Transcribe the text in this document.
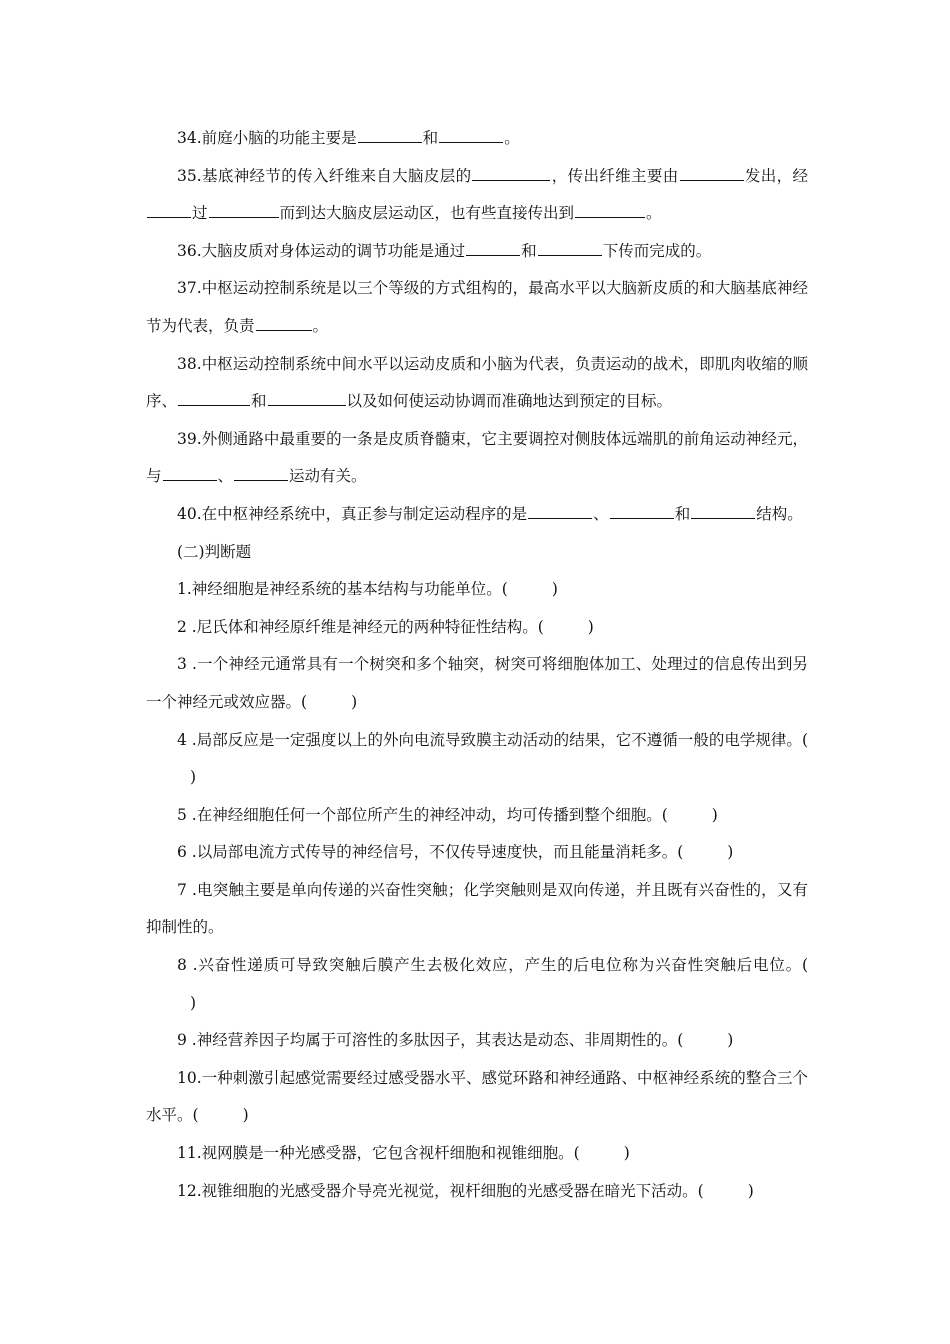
34.前庭小脑的功能主要是	和	。

35.基底神经节的传入纤维来自大脑皮层的	，传出纤维主要由	发出，经过	而到达大脑皮层运动区，也有些直接传出到	。

36.大脑皮质对身体运动的调节功能是通过	和	下传而完成的。

37.中枢运动控制系统是以三个等级的方式组构的，最高水平以大脑新皮质的和大脑基底神经节为代表，负责	。

38.中枢运动控制系统中间水平以运动皮质和小脑为代表，负责运动的战术，即肌肉收缩的顺序、	和	以及如何使运动协调而准确地达到预定的目标。

39.外侧通路中最重要的一条是皮质脊髓束，它主要调控对侧肢体远端肌的前角运动神经元，与	、	运动有关。

40.在中枢神经系统中，真正参与制定运动程序的是	、	和	结构。

(二)判断题

1.神经细胞是神经系统的基本结构与功能单位。(	)

2 .尼氏体和神经原纤维是神经元的两种特征性结构。(	)

3 .一个神经元通常具有一个树突和多个轴突，树突可将细胞体加工、处理过的信息传出到另一个神经元或效应器。(	)

4 .局部反应是一定强度以上的外向电流导致膜主动活动的结果，它不遵循一般的电学规律。()

5 .在神经细胞任何一个部位所产生的神经冲动，均可传播到整个细胞。(	)

6 .以局部电流方式传导的神经信号，不仅传导速度快，而且能量消耗多。(	)

7 .电突触主要是单向传递的兴奋性突触；化学突触则是双向传递，并且既有兴奋性的，又有抑制性的。

8 .兴奋性递质可导致突触后膜产生去极化效应，产生的后电位称为兴奋性突触后电位。()

9 .神经营养因子均属于可溶性的多肽因子，其表达是动态、非周期性的。(	)

10.一种刺激引起感觉需要经过感受器水平、感觉环路和神经通路、中枢神经系统的整合三个水平。(	)

11.视网膜是一种光感受器，它包含视杆细胞和视锥细胞。(	)

12.视锥细胞的光感受器介导亮光视觉，视杆细胞的光感受器在暗光下活动。(	)
